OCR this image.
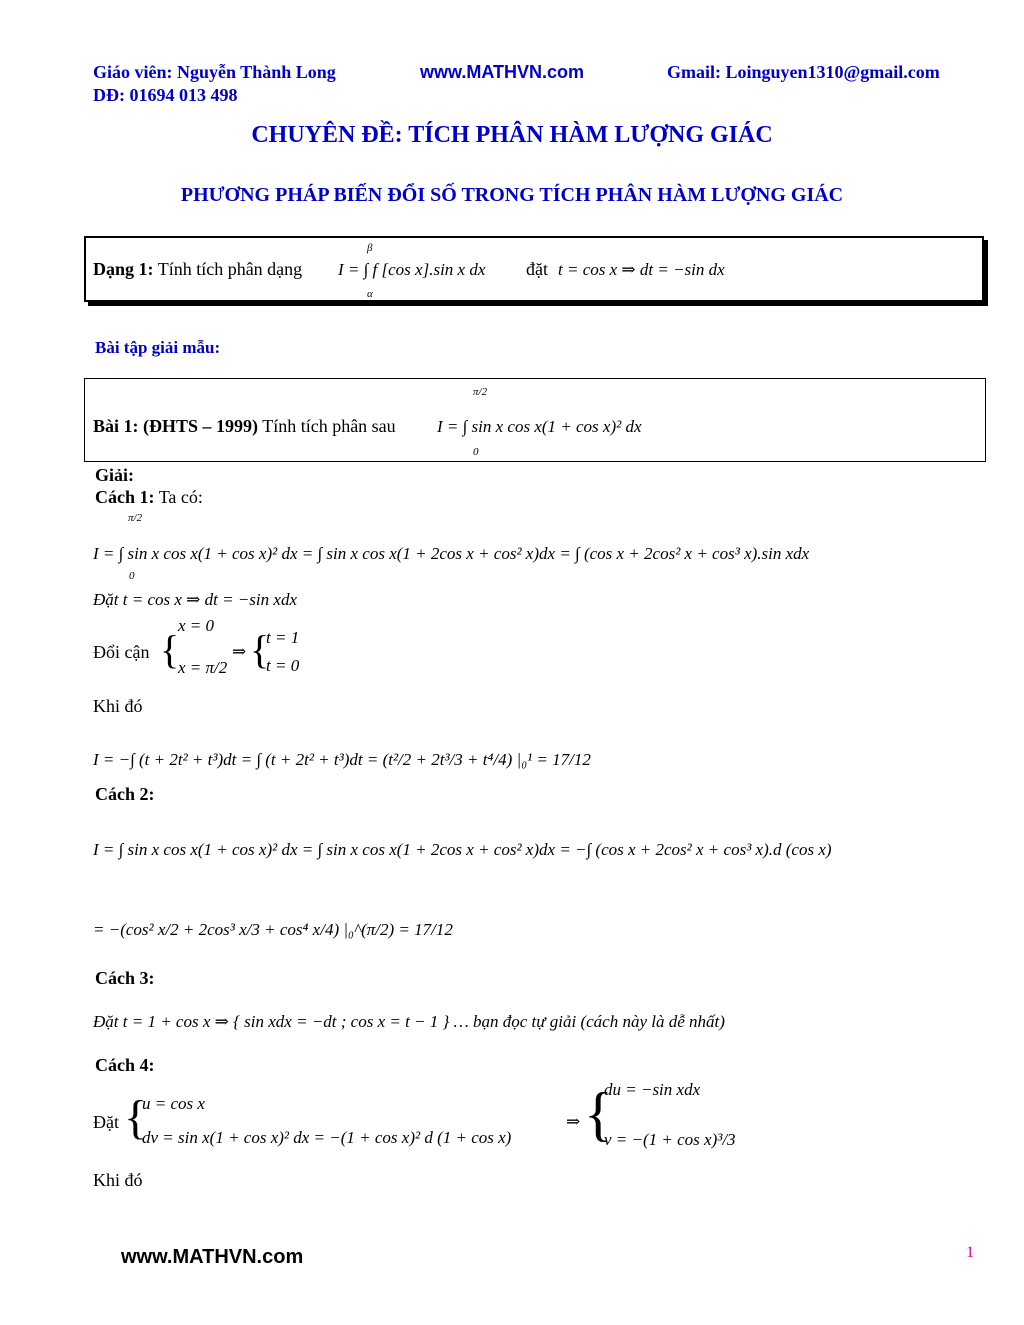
Giáo viên: Nguyễn Thành Long	www.MATHVN.com	Gmail: Loinguyen1310@gmail.com
DĐ: 01694 013 498
CHUYÊN ĐỀ: TÍCH PHÂN HÀM LƯỢNG GIÁC
PHƯƠNG PHÁP BIẾN ĐỔI SỐ TRONG TÍCH PHÂN HÀM LƯỢNG GIÁC
Dạng 1: Tính tích phân dạng I = ∫ f [cos x].sin x dx
β
α
đặt t = cos x ⇒ dt = −sin dx
Bài tập giải mẫu:
Bài 1: (ĐHTS – 1999) Tính tích phân sau I = ∫ sin x cos x(1 + cos x)² dx
π/2
0
Giải:
Cách 1: Ta có:
I = ∫ sin x cos x(1 + cos x)² dx = ∫ sin x cos x(1 + 2cos x + cos² x)dx = ∫ (cos x + 2cos² x + cos³ x).sin xdx
π/2
0
Đặt t = cos x ⇒ dt = −sin xdx
Đổi cận {
x = 0
x = π/2
⇒ {
t = 1
t = 0
Khi đó
I = −∫ (t + 2t² + t³)dt = ∫ (t + 2t² + t³)dt = (t²/2 + 2t³/3 + t⁴/4) |₀¹ = 17/12
Cách 2:
I = ∫ sin x cos x(1 + cos x)² dx = ∫ sin x cos x(1 + 2cos x + cos² x)dx = −∫ (cos x + 2cos² x + cos³ x).d (cos x)
= −(cos² x/2 + 2cos³ x/3 + cos⁴ x/4) |₀^(π/2) = 17/12
Cách 3:
Đặt t = 1 + cos x ⇒ { sin xdx = −dt ; cos x = t − 1 } … bạn đọc tự giải (cách này là dễ nhất)
Cách 4:
Đặt {
u = cos x
dv = sin x(1 + cos x)² dx = −(1 + cos x)² d (1 + cos x)
⇒ {
du = −sin xdx
v = −(1 + cos x)³/3
Khi đó
www.MATHVN.com	1
